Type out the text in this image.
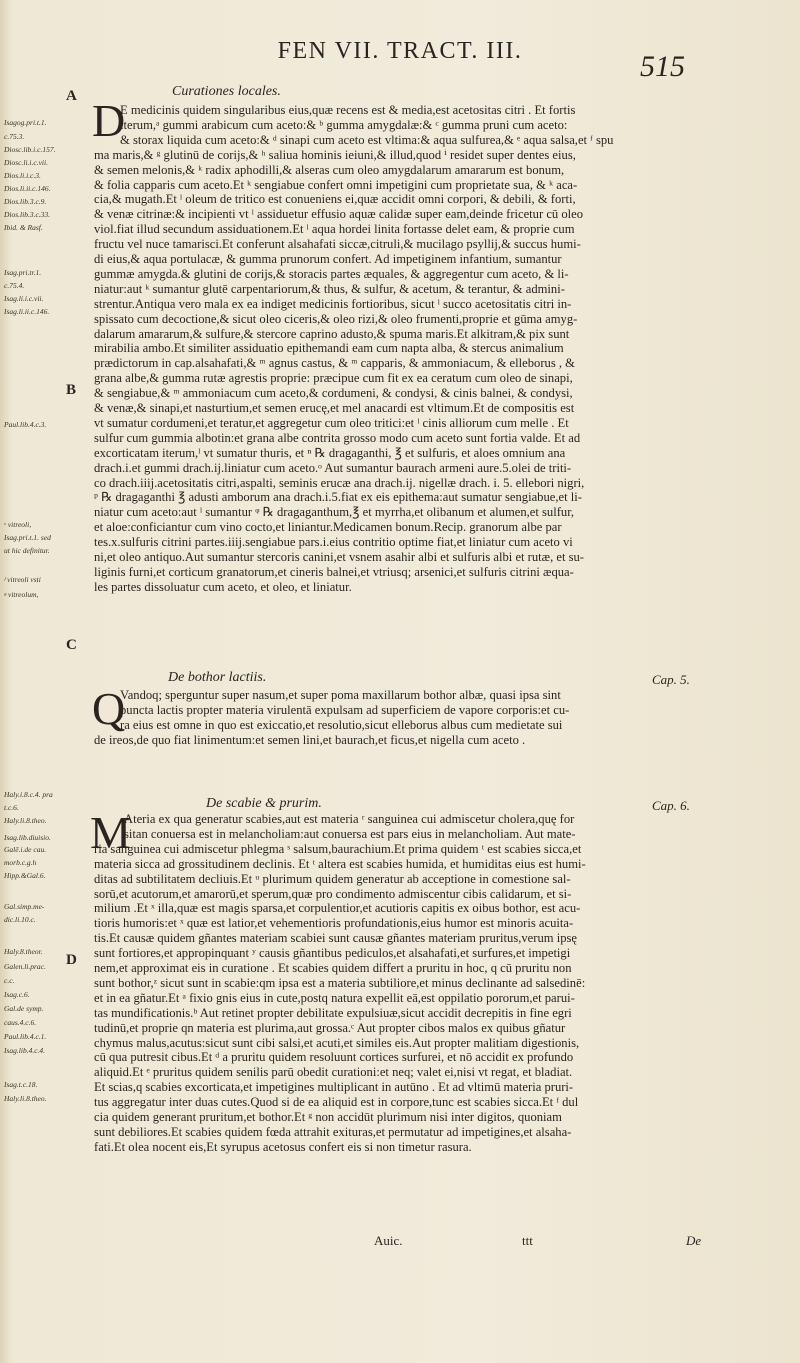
FEN VII. TRACT. III.	515
A
B
C
D
Curationes locales.
D
E medicinis quidem singularibus eius,quæ recens est & media,est acetositas citri . Et fortis
iterum,ᵃ gummi arabicum cum aceto:& ᵇ gumma amygdalæ:& ᶜ gumma pruni cum aceto:
& storax liquida cum aceto:& ᵈ sinapi cum aceto est vltima:& aqua sulfurea,& ᵉ aqua salsa,et ᶠ spu
ma maris,& ᵍ glutinū de corijs,& ʰ saliua hominis ieiuni,& illud,quod ⁱ residet super dentes eius,
& semen melonis,& ᵏ radix aphodilli,& alseras cum oleo amygdalarum amararum est bonum,
& folia capparis cum aceto.Et ᵏ sengiabue confert omni impetigini cum proprietate sua, & ᵏ aca-
cia,& mugath.Et ˡ oleum de tritico est conueniens ei,quæ accidit omni corpori, & debili, & forti,
& venæ citrinæ:& incipienti vt ˡ assiduetur effusio aquæ calidæ super eam,deinde fricetur cū oleo
viol.fiat illud secundum assiduationem.Et ˡ aqua hordei linita fortasse delet eam, & proprie cum
fructu vel nuce tamarisci.Et conferunt alsahafati siccæ,citruli,& mucilago psyllij,& succus humi-
di eius,& aqua portulacæ, & gumma prunorum confert. Ad impetiginem infantium, sumantur
gummæ amygda.& glutini de corijs,& storacis partes æquales, & aggregentur cum aceto, & li-
niatur:aut ᵏ sumantur glutē carpentariorum,& thus, & sulfur, & acetum, & terantur, & admini-
strentur.Antiqua vero mala ex ea indiget medicinis fortioribus, sicut ˡ succo acetositatis citri in-
spissato cum decoctione,& sicut oleo ciceris,& oleo rizi,& oleo frumenti,proprie et gūma amyg-
dalarum amararum,& sulfure,& stercore caprino adusto,& spuma maris.Et alkitram,& pix sunt
mirabilia ambo.Et similiter assiduatio epithemandi eam cum napta alba, & stercus animalium
prædictorum in cap.alsahafati,& ᵐ agnus castus, & ᵐ capparis, & ammoniacum, & elleborus , &
grana albe,& gumma rutæ agrestis proprie: præcipue cum fit ex ea ceratum cum oleo de sinapi,
& sengiabue,& ᵐ ammoniacum cum aceto,& cordumeni, & condysi, & cinis balnei, & condysi,
& venæ,& sinapi,et nasturtium,et semen erucę,et mel anacardi est vltimum.Et de compositis est
vt sumatur cordumeni,et teratur,et aggregetur cum oleo tritici:et ˡ cinis alliorum cum melle . Et
sulfur cum gummia albotin:et grana albe contrita grosso modo cum aceto sunt fortia valde. Et ad
excorticatam iterum,ˡ vt sumatur thuris, et ⁿ ℞ dragaganthi, ℥ et sulfuris, et aloes omnium ana
drach.i.et gummi drach.ij.liniatur cum aceto.ᵒ Aut sumantur baurach armeni aure.5.olei de triti-
co drach.iiij.acetositatis citri,aspalti, seminis erucæ ana drach.ij. nigellæ drach. i. 5. ellebori nigri,
ᵖ ℞ dragaganthi ℥ adusti amborum ana drach.i.5.fiat ex eis epithema:aut sumatur sengiabue,et li-
niatur cum aceto:aut ˡ sumantur ᵠ ℞ dragaganthum,℥ et myrrha,et olibanum et alumen,et sulfur,
et aloe:conficiantur cum vino cocto,et liniantur.Medicamen bonum.Recip. granorum albe par
tes.x.sulfuris citrini partes.iiij.sengiabue pars.i.eius contritio optime fiat,et liniatur cum aceto vi
ni,et oleo antiquo.Aut sumantur stercoris canini,et vsnem asahir albi et sulfuris albi et rutæ, et su-
liginis furni,et corticum granatorum,et cineris balnei,et vtriusq; arsenici,et sulfuris citrini æqua-
les partes dissoluatur cum aceto, et oleo, et liniatur.
De bothor lactiis.	Cap. 5.
Q
Vandoq; sperguntur super nasum,et super poma maxillarum bothor albæ, quasi ipsa sint
puncta lactis propter materia virulentā expulsam ad superficiem de vapore corporis:et cu-
ra eius est omne in quo est exiccatio,et resolutio,sicut elleborus albus cum medietate sui
de ireos,de quo fiat linimentum:et semen lini,et baurach,et ficus,et nigella cum aceto .
De scabie & prurim.	Cap. 6.
M
Ateria ex qua generatur scabies,aut est materia ʳ sanguinea cui admiscetur cholera,quę for
sitan conuersa est in melancholiam:aut conuersa est pars eius in melancholiam. Aut mate-
ria sanguinea cui admiscetur phlegma ˢ salsum,baurachium.Et prima quidem ᵗ est scabies sicca,et
materia sicca ad grossitudinem declinis. Et ᵗ altera est scabies humida, et humiditas eius est humi-
ditas ad subtilitatem decliuis.Et ᵘ plurimum quidem generatur ab acceptione in comestione sal-
sorū,et acutorum,et amarorū,et sperum,quæ pro condimento admiscentur cibis calidarum, et si-
milium .Et ˣ illa,quæ est magis sparsa,et corpulentior,et acutioris capitis ex oibus bothor, est acu-
tioris humoris:et ˣ quæ est latior,et vehementioris profundationis,eius humor est minoris acuita-
tis.Et causæ quidem gñantes materiam scabiei sunt causæ gñantes materiam pruritus,verum ipsę
sunt fortiores,et appropinquant ʸ causis gñantibus pediculos,et alsahafati,et surfures,et impetigi
nem,et approximat eis in curatione . Et scabies quidem differt a pruritu in hoc, q cū pruritu non
sunt bothor,ᶻ sicut sunt in scabie:qm ipsa est a materia subtiliore,et minus declinante ad salsedinē:
et in ea gñatur.Et ᵃ fixio gnis eius in cute,postq natura expellit eā,est oppilatio pororum,et parui-
tas mundificationis.ᵇ Aut retinet propter debilitate expulsiuæ,sicut accidit decrepitis in fine egri
tudinū,et proprie qn materia est plurima,aut grossa.ᶜ Aut propter cibos malos ex quibus gñatur
chymus malus,acutus:sicut sunt cibi salsi,et acuti,et similes eis.Aut propter malitiam digestionis,
cū qua putresit cibus.Et ᵈ a pruritu quidem resoluunt cortices surfurei, et nō accidit ex profundo
aliquid.Et ᵉ pruritus quidem senilis parū obedit curationi:et neq; valet ei,nisi vt regat, et bladiat.
Et scias,q scabies excorticata,et impetigines multiplicant in autūno . Et ad vltimū materia pruri-
tus aggregatur inter duas cutes.Quod si de ea aliquid est in corpore,tunc est scabies sicca.Et ᶠ dul
cia quidem generant pruritum,et bothor.Et ᵍ non accidūt plurimum nisi inter digitos, quoniam
sunt debiliores.Et scabies quidem fœda attrahit exituras,et permutatur ad impetigines,et alsaha-
fati.Et olea nocent eis,Et syrupus acetosus confert eis si non timetur rasura.
Isagog.pri.t.1.
c.75.3.
Diosc.lib.i.c.157.
Diosc.li.i.c.vii.
Dios.li.i.c.3.
Dios.li.ii.c.146.
Dios.lib.3.c.9.
Dios.lib.3.c.33.
Ibid. & Rasf.
Isag.pri.tr.1.
c.75.4.
Isag.li.i.c.vii.
Isag.li.ii.c.146.
Paul.lib.4.c.3.
ᵉ vitreoli,
Isag.pri.t.1. sed
ut hic definitur.
ᶠ vitreoli vsti
ᵍ vitreolum,
Haly.i.8.c.4. pra
t.c.6.
Haly.li.8.theo.
Isag.lib.diuisio.
Galē.i.de cau.
morb.c.g.h
Hipp.&Gal.6.
Gal.simp.me-
dic.li.10.c.
Haly.8.theor.
Galen.li.prac.
c.c.
Isag.c.6.
Gal.de symp.
caus.4.c.6.
Paul.lib.4.c.1.
Isag.lib.4.c.4.
Isag.t.c.18.
Haly.li.8.theo.
Auic.	ttt	De
